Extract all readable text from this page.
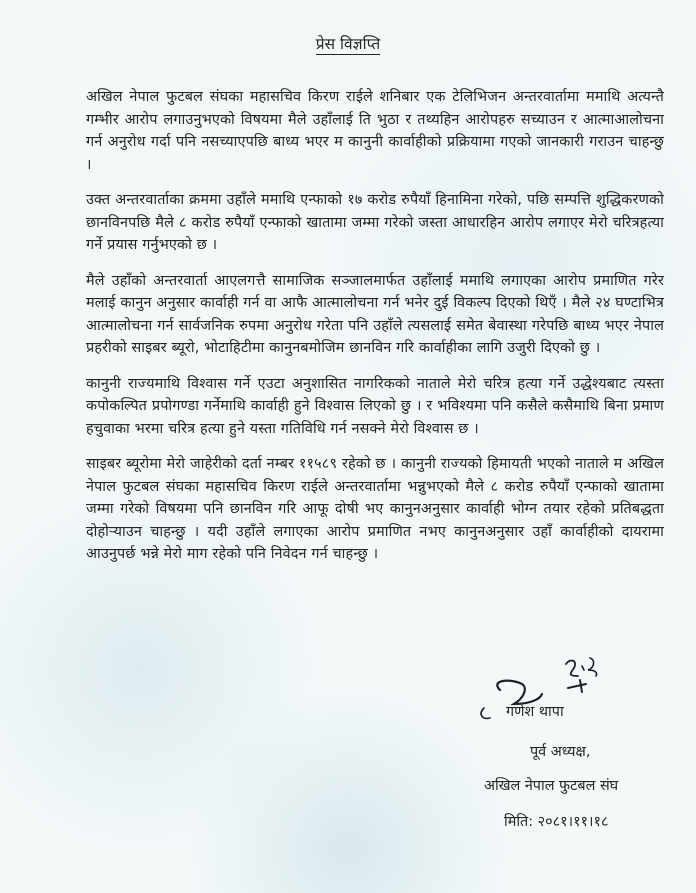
प्रेस विज्ञप्ति

अखिल नेपाल फुटबल संघका महासचिव किरण राईले शनिबार एक टेलिभिजन अन्तरवार्तामा ममाथि अत्यन्तै गम्भीर आरोप लगाउनुभएको विषयमा मैले उहाँलाई ति भुठा र तथ्यहिन आरोपहरु सच्याउन र आत्माआलोचना गर्न अनुरोध गर्दा पनि नसच्याएपछि बाध्य भएर म कानुनी कार्वाहीको प्रक्रियामा गएको जानकारी गराउन चाहन्छु ।

उक्त अन्तरवार्ताका क्रममा उहाँले ममाथि एन्फाको १७ करोड रुपैयाँ हिनामिना गरेको, पछि सम्पत्ति शुद्धिकरणको छानविनपछि मैले ८ करोड रुपैयाँ एन्फाको खातामा जम्मा गरेको जस्ता आधारहिन आरोप लगाएर मेरो चरित्रहत्या गर्ने प्रयास गर्नुभएको छ ।

मैले उहाँको अन्तरवार्ता आएलगत्तै सामाजिक सञ्जालमार्फत उहाँलाई ममाथि लगाएका आरोप प्रमाणित गरेर मलाई कानुन अनुसार कार्वाही गर्न वा आफै आत्मालोचना गर्न भनेर दुई विकल्प दिएको थिएँ । मैले २४ घण्टाभित्र आत्मालोचना गर्न सार्वजनिक रुपमा अनुरोध गरेता पनि उहाँले त्यसलाई समेत बेवास्था गरेपछि बाध्य भएर नेपाल प्रहरीको साइबर ब्यूरो, भोटाहिटीमा कानुनबमोजिम छानविन गरि कार्वाहीका लागि उजुरी दिएको छु ।

कानुनी राज्यमाथि विश्वास गर्ने एउटा अनुशासित नागरिकको नाताले मेरो चरित्र हत्या गर्ने उद्धेश्यबाट त्यस्ता कपोकल्पित प्रपोगण्डा गर्नेमाथि कार्वाही हुने विश्वास लिएको छु । र भविश्यमा पनि कसैले कसैमाथि बिना प्रमाण हचुवाका भरमा चरित्र हत्या हुने यस्ता गतिविधि गर्न नसक्ने मेरो विश्वास छ ।

साइबर ब्यूरोमा मेरो जाहेरीको दर्ता नम्बर ११५८९ रहेको छ । कानुनी राज्यको हिमायती भएको नाताले म अखिल नेपाल फुटबल संघका महासचिव किरण राईले अन्तरवार्तामा भन्नुभएको मैले ८ करोड रुपैयाँ एन्फाको खातामा जम्मा गरेको विषयमा पनि छानविन गरि आफू दोषी भए कानुनअनुसार कार्वाही भोग्न तयार रहेको प्रतिबद्धता दोहोर्‍याउन चाहन्छु । यदी उहाँले लगाएका आरोप प्रमाणित नभए कानुनअनुसार उहाँ कार्वाहीको दायरामा आउनुपर्छ भन्ने मेरो माग रहेको पनि निवेदन गर्न चाहन्छु ।

गणेश थापा
पूर्व अध्यक्ष,
अखिल नेपाल फुटबल संघ
मिति: २०८१।११।१८
